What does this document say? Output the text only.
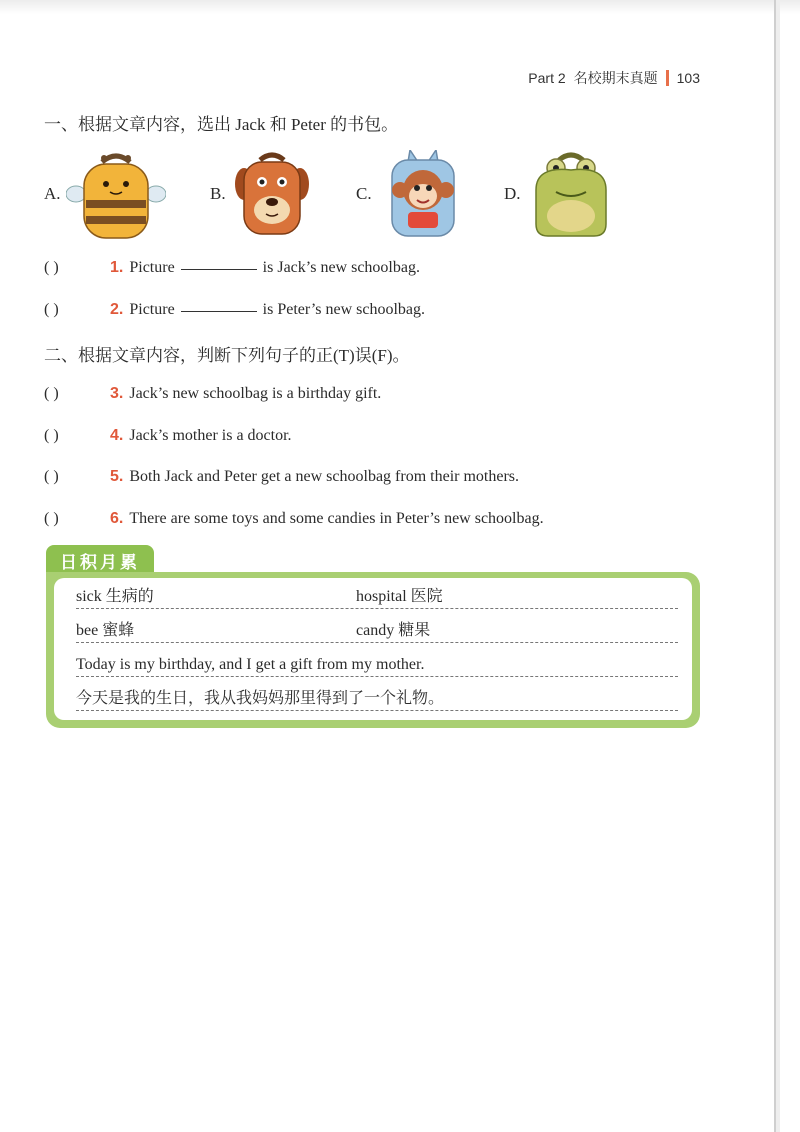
Part 2 名校期末真题 103
一、根据文章内容，选出 Jack 和 Peter 的书包。
A.	B.	C.	D.
( )	1. Picture	is Jack’s new schoolbag.
( )	2. Picture	is Peter’s new schoolbag.
二、根据文章内容，判断下列句子的正(T)误(F)。
( )	3. Jack’s new schoolbag is a birthday gift.
( )	4. Jack’s mother is a doctor.
( )	5. Both Jack and Peter get a new schoolbag from their mothers.
( )	6. There are some toys and some candies in Peter’s new schoolbag.
日积月累
sick 生病的	hospital 医院
bee 蜜蜂	candy 糖果
Today is my birthday, and I get a gift from my mother.
今天是我的生日，我从我妈妈那里得到了一个礼物。
